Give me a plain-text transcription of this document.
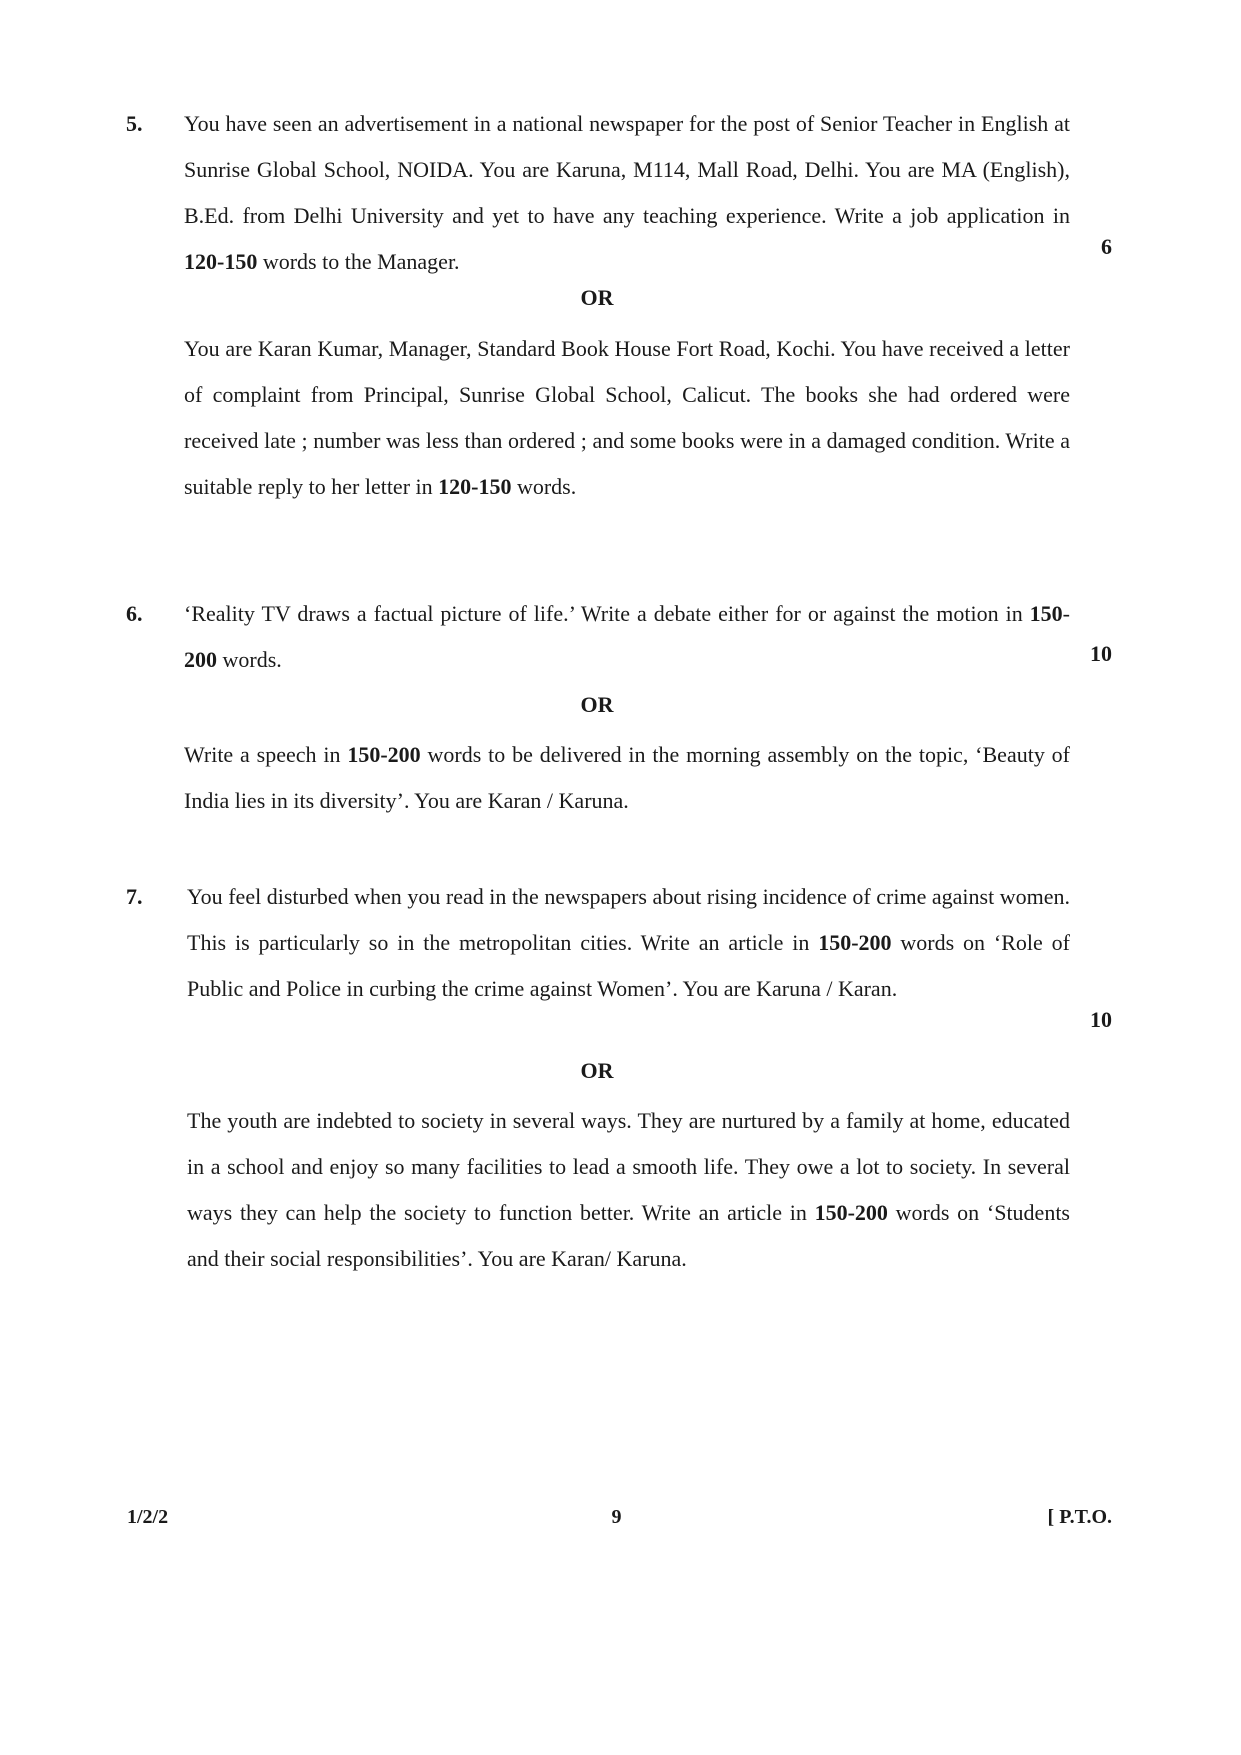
5. You have seen an advertisement in a national newspaper for the post of Senior Teacher in English at Sunrise Global School, NOIDA. You are Karuna, M114, Mall Road, Delhi. You are MA (English), B.Ed. from Delhi University and yet to have any teaching experience. Write a job application in 120-150 words to the Manager.
6
OR
You are Karan Kumar, Manager, Standard Book House Fort Road, Kochi. You have received a letter of complaint from Principal, Sunrise Global School, Calicut. The books she had ordered were received late ; number was less than ordered ; and some books were in a damaged condition. Write a suitable reply to her letter in 120-150 words.
6. ‘Reality TV draws a factual picture of life.’ Write a debate either for or against the motion in 150-200 words.	10
OR
Write a speech in 150-200 words to be delivered in the morning assembly on the topic, ‘Beauty of India lies in its diversity’. You are Karan / Karuna.
7. You feel disturbed when you read in the newspapers about rising incidence of crime against women. This is particularly so in the metropolitan cities. Write an article in 150-200 words on ‘Role of Public and Police in curbing the crime against Women’. You are Karuna / Karan.
10
OR
The youth are indebted to society in several ways. They are nurtured by a family at home, educated in a school and enjoy so many facilities to lead a smooth life. They owe a lot to society. In several ways they can help the society to function better. Write an article in 150-200 words on ‘Students and their social responsibilities’. You are Karan/ Karuna.
1/2/2	9	[ P.T.O.
